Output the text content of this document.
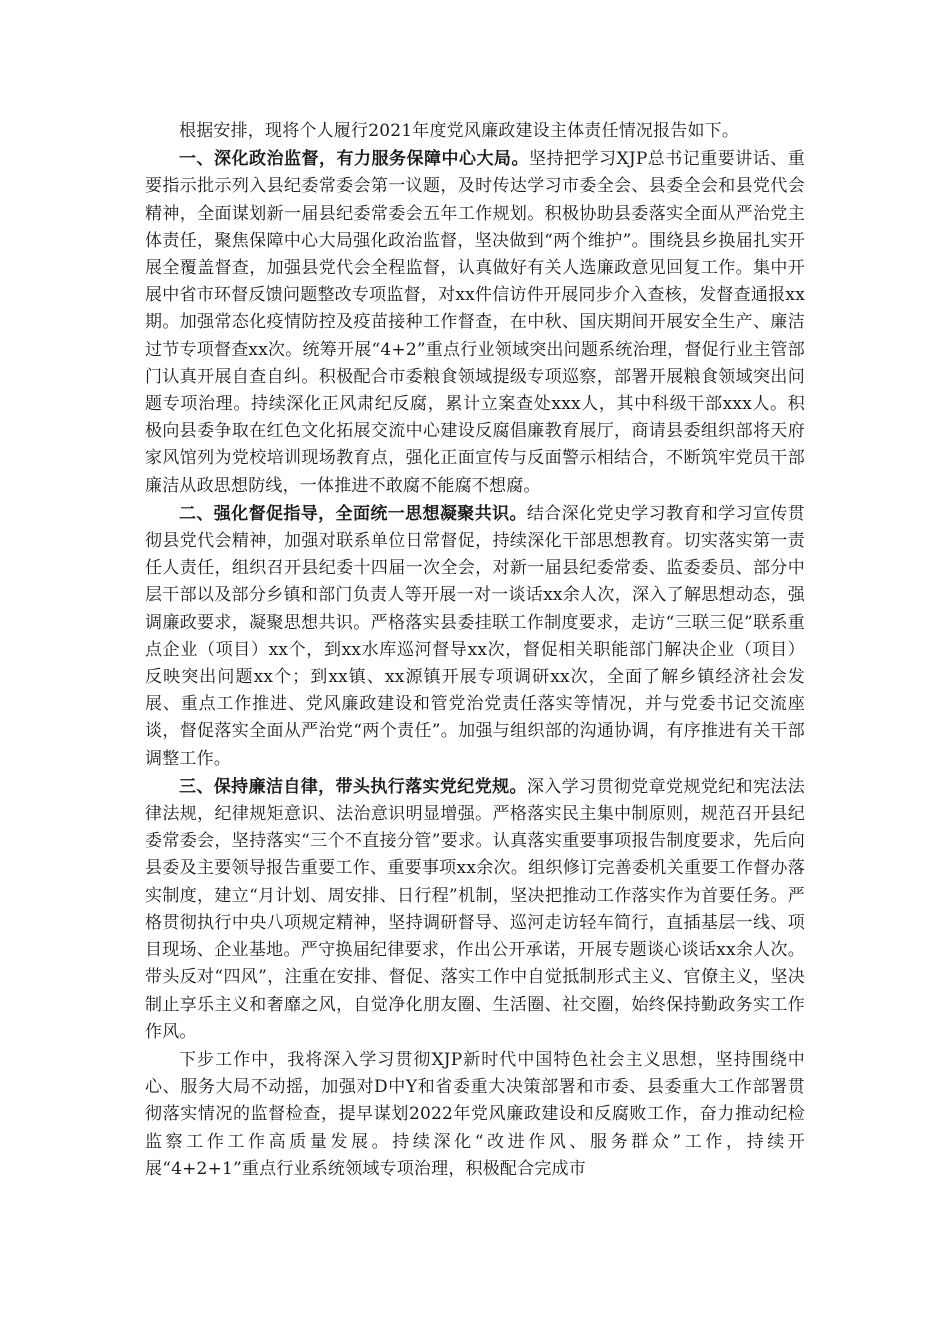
根据安排，现将个人履行2021年度党风廉政建设主体责任情况报告如下。

一、深化政治监督，有力服务保障中心大局。坚持把学习XJP总书记重要讲话、重要指示批示列入县纪委常委会第一议题，及时传达学习市委全会、县委全会和县党代会精神，全面谋划新一届县纪委常委会五年工作规划。积极协助县委落实全面从严治党主体责任，聚焦保障中心大局强化政治监督，坚决做到“两个维护”。围绕县乡换届扎实开展全覆盖督查，加强县党代会全程监督，认真做好有关人选廉政意见回复工作。集中开展中省市环督反馈问题整改专项监督，对xx件信访件开展同步介入查核，发督查通报xx期。加强常态化疫情防控及疫苗接种工作督查，在中秋、国庆期间开展安全生产、廉洁过节专项督查xx次。统筹开展“4+2”重点行业领域突出问题系统治理，督促行业主管部门认真开展自查自纠。积极配合市委粮食领域提级专项巡察，部署开展粮食领域突出问题专项治理。持续深化正风肃纪反腐，累计立案查处xxx人，其中科级干部xxx人。积极向县委争取在红色文化拓展交流中心建设反腐倡廉教育展厅，商请县委组织部将天府家风馆列为党校培训现场教育点，强化正面宣传与反面警示相结合，不断筑牢党员干部廉洁从政思想防线，一体推进不敢腐不能腐不想腐。

二、强化督促指导，全面统一思想凝聚共识。结合深化党史学习教育和学习宣传贯彻县党代会精神，加强对联系单位日常督促，持续深化干部思想教育。切实落实第一责任人责任，组织召开县纪委十四届一次全会，对新一届县纪委常委、监委委员、部分中层干部以及部分乡镇和部门负责人等开展一对一谈话xx余人次，深入了解思想动态，强调廉政要求，凝聚思想共识。严格落实县委挂联工作制度要求，走访“三联三促”联系重点企业（项目）xx个，到xx水库巡河督导xx次，督促相关职能部门解决企业（项目）反映突出问题xx个；到xx镇、xx源镇开展专项调研xx次，全面了解乡镇经济社会发展、重点工作推进、党风廉政建设和管党治党责任落实等情况，并与党委书记交流座谈，督促落实全面从严治党“两个责任”。加强与组织部的沟通协调，有序推进有关干部调整工作。

三、保持廉洁自律，带头执行落实党纪党规。深入学习贯彻党章党规党纪和宪法法律法规，纪律规矩意识、法治意识明显增强。严格落实民主集中制原则，规范召开县纪委常委会，坚持落实“三个不直接分管”要求。认真落实重要事项报告制度要求，先后向县委及主要领导报告重要工作、重要事项xx余次。组织修订完善委机关重要工作督办落实制度，建立“月计划、周安排、日行程”机制，坚决把推动工作落实作为首要任务。严格贯彻执行中央八项规定精神，坚持调研督导、巡河走访轻车简行，直插基层一线、项目现场、企业基地。严守换届纪律要求，作出公开承诺，开展专题谈心谈话xx余人次。带头反对“四风”，注重在安排、督促、落实工作中自觉抵制形式主义、官僚主义，坚决制止享乐主义和奢靡之风，自觉净化朋友圈、生活圈、社交圈，始终保持勤政务实工作作风。

下步工作中，我将深入学习贯彻XJP新时代中国特色社会主义思想，坚持围绕中心、服务大局不动摇，加强对D中Y和省委重大决策部署和市委、县委重大工作部署贯彻落实情况的监督检查，提早谋划2022年党风廉政建设和反腐败工作，奋力推动纪检监察工作工作高质量发展。持续深化“改进作风、服务群众”工作，持续开展“4+2+1”重点行业系统领域专项治理，积极配合完成市
